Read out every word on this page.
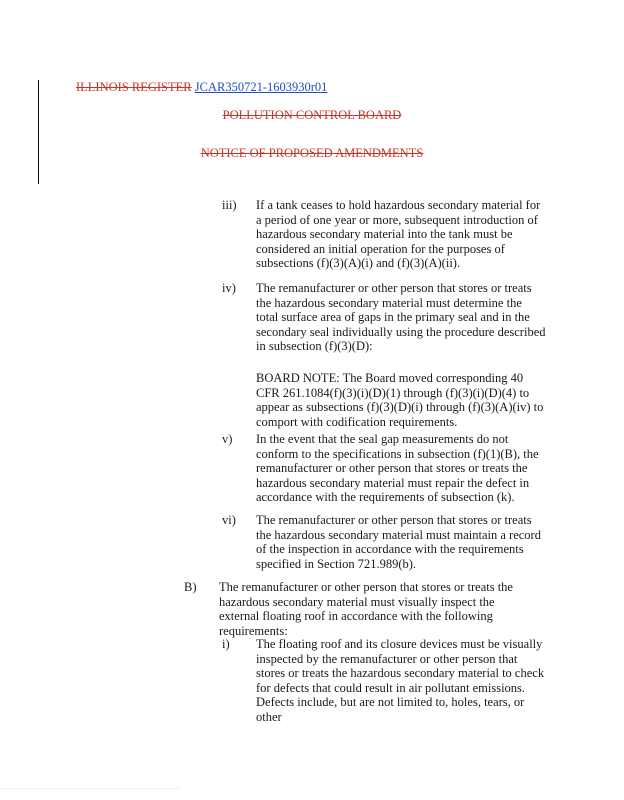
ILLINOIS REGISTER JCAR350721-1603930r01
POLLUTION CONTROL BOARD
NOTICE OF PROPOSED AMENDMENTS
iii) If a tank ceases to hold hazardous secondary material for a period of one year or more, subsequent introduction of hazardous secondary material into the tank must be considered an initial operation for the purposes of subsections (f)(3)(A)(i) and (f)(3)(A)(ii).
iv) The remanufacturer or other person that stores or treats the hazardous secondary material must determine the total surface area of gaps in the primary seal and in the secondary seal individually using the procedure described in subsection (f)(3)(D):
BOARD NOTE: The Board moved corresponding 40 CFR 261.1084(f)(3)(i)(D)(1) through (f)(3)(i)(D)(4) to appear as subsections (f)(3)(D)(i) through (f)(3)(A)(iv) to comport with codification requirements.
v) In the event that the seal gap measurements do not conform to the specifications in subsection (f)(1)(B), the remanufacturer or other person that stores or treats the hazardous secondary material must repair the defect in accordance with the requirements of subsection (k).
vi) The remanufacturer or other person that stores or treats the hazardous secondary material must maintain a record of the inspection in accordance with the requirements specified in Section 721.989(b).
B) The remanufacturer or other person that stores or treats the hazardous secondary material must visually inspect the external floating roof in accordance with the following requirements:
i) The floating roof and its closure devices must be visually inspected by the remanufacturer or other person that stores or treats the hazardous secondary material to check for defects that could result in air pollutant emissions. Defects include, but are not limited to, holes, tears, or other
